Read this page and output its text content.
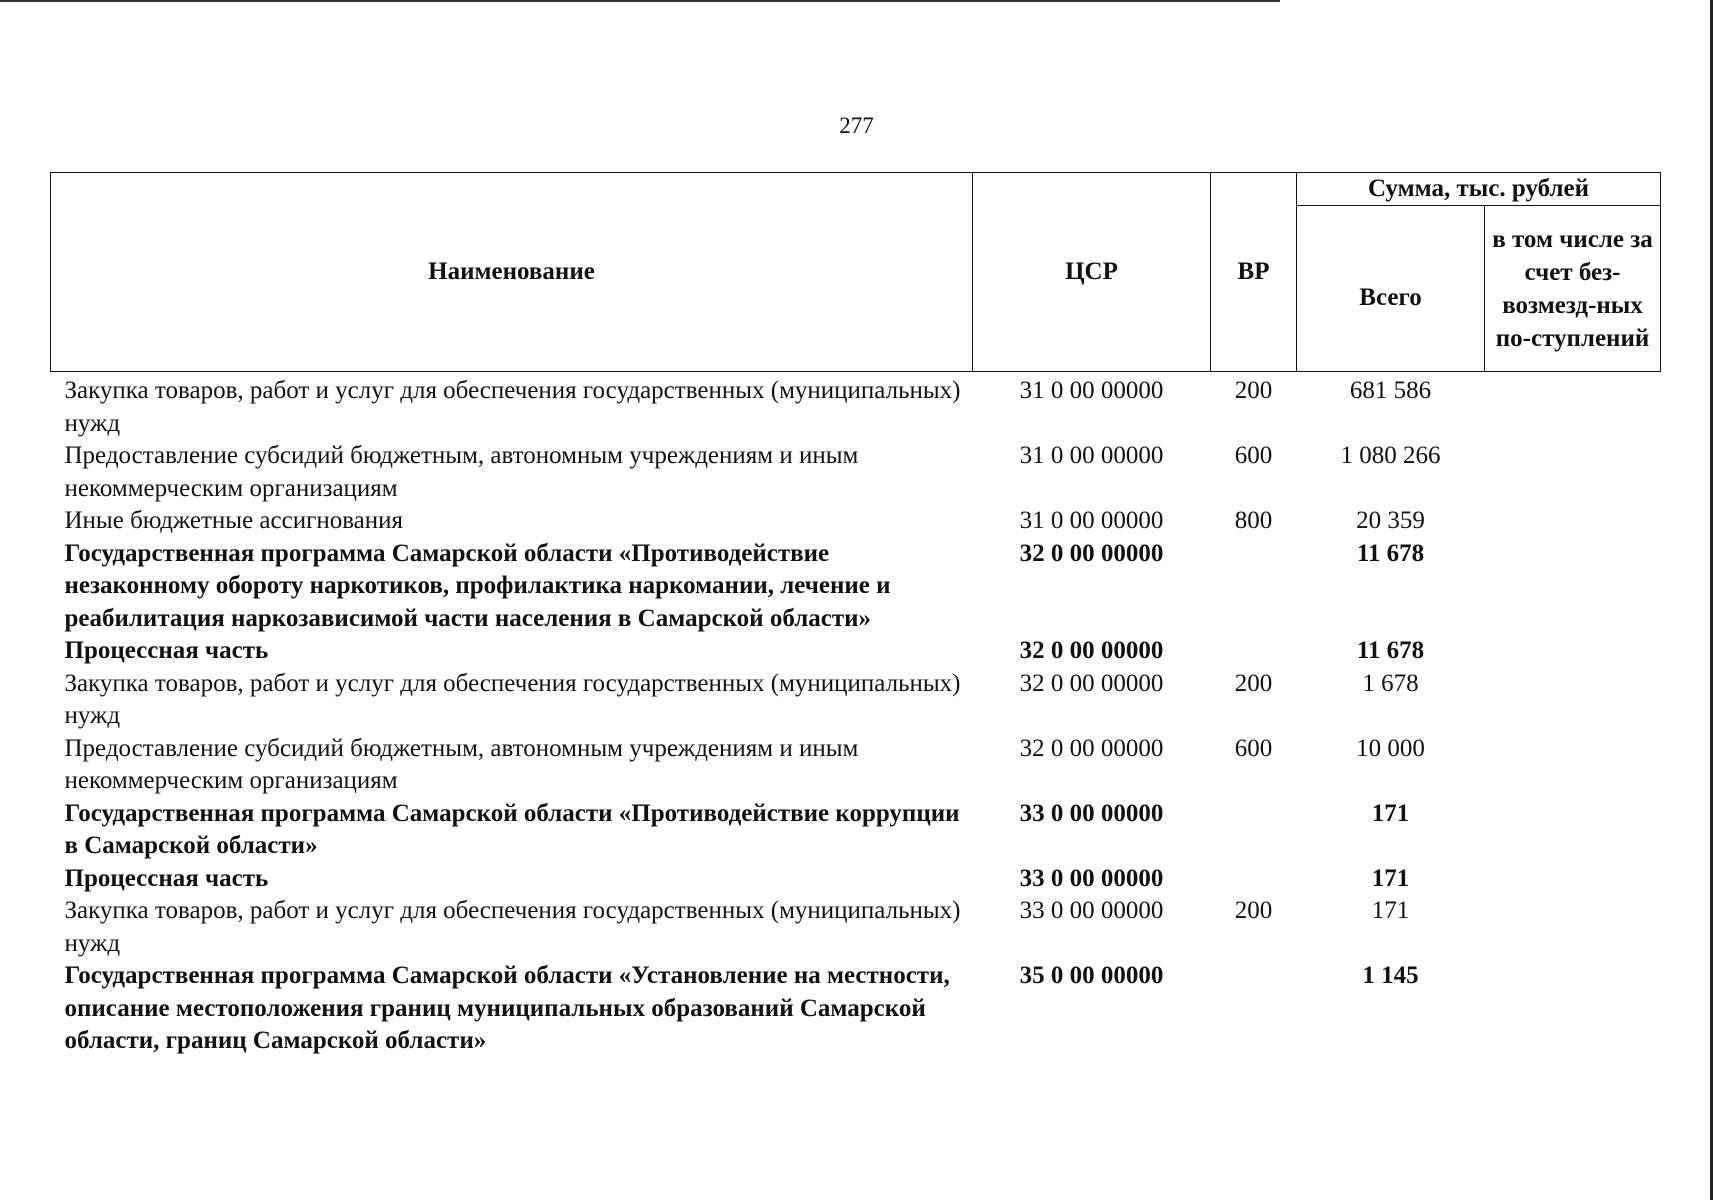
277
Наименование	ЦСР	ВР	Сумма, тыс. рублей	
			Всего	в том числе за счет без-возмезд-ных по-ступлений
Закупка товаров, работ и услуг для обеспечения государственных (муниципальных) нужд	31 0 00 00000	200	681 586	
Предоставление субсидий бюджетным, автономным учреждениям и иным некоммерческим организациям	31 0 00 00000	600	1 080 266	
Иные бюджетные ассигнования	31 0 00 00000	800	20 359	
Государственная программа Самарской области «Противодействие незаконному обороту наркотиков, профилактика наркомании, лечение и реабилитация наркозависимой части населения в Самарской области»	32 0 00 00000		11 678	
Процессная часть	32 0 00 00000		11 678	
Закупка товаров, работ и услуг для обеспечения государственных (муниципальных) нужд	32 0 00 00000	200	1 678	
Предоставление субсидий бюджетным, автономным учреждениям и иным некоммерческим организациям	32 0 00 00000	600	10 000	
Государственная программа Самарской области «Противодействие коррупции в Самарской области»	33 0 00 00000		171	
Процессная часть	33 0 00 00000		171	
Закупка товаров, работ и услуг для обеспечения государственных (муниципальных) нужд	33 0 00 00000	200	171	
Государственная программа Самарской области «Установление на местности, описание местоположения границ муниципальных образований Самарской области, границ Самарской области»	35 0 00 00000		1 145	
